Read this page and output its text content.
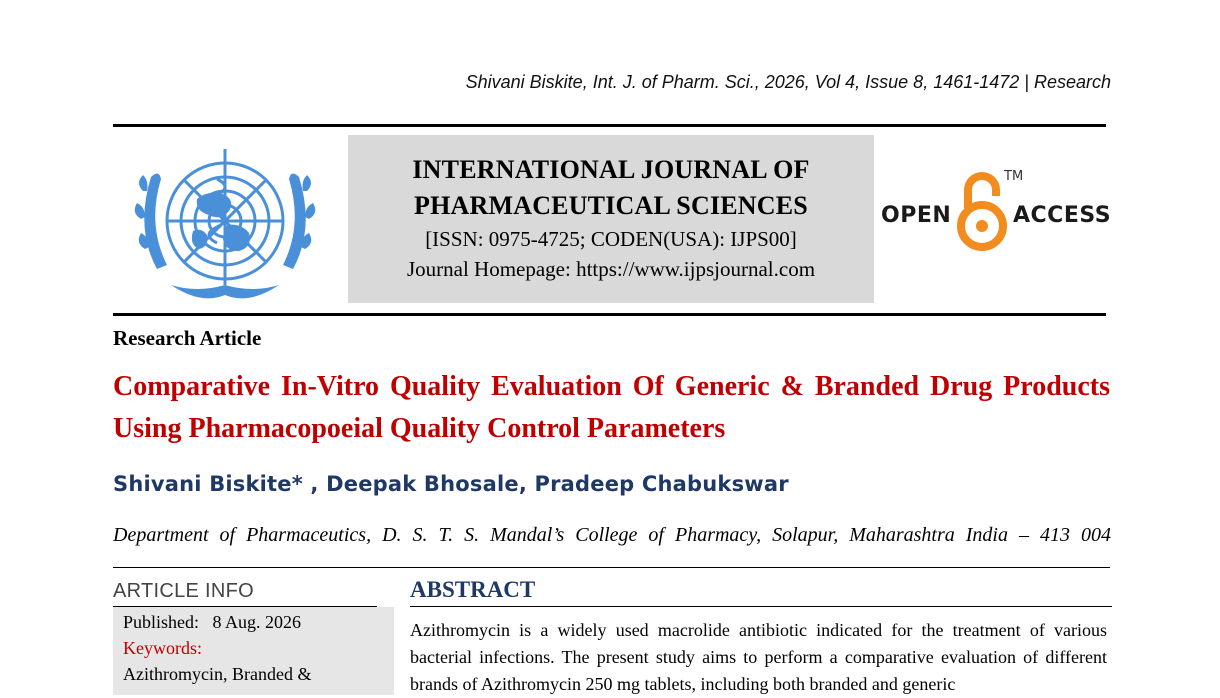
Shivani Biskite, Int. J. of Pharm. Sci., 2026, Vol 4, Issue 8, 1461-1472 | Research
INTERNATIONAL JOURNAL OF
PHARMACEUTICAL SCIENCES
[ISSN: 0975-4725; CODEN(USA): IJPS00]
Journal Homepage: https://www.ijpsjournal.com
OPEN
TM
ACCESS
Research Article
Comparative In-Vitro Quality Evaluation Of Generic & Branded Drug Products Using Pharmacopoeial Quality Control Parameters
Shivani Biskite* , Deepak Bhosale, Pradeep Chabukswar
Department of Pharmaceutics, D. S. T. S. Mandal’s College of Pharmacy, Solapur, Maharashtra India – 413 004
ARTICLE INFO
Published:   8 Aug. 2026
Keywords:
Azithromycin, Branded &
ABSTRACT
Azithromycin is a widely used macrolide antibiotic indicated for the treatment of various bacterial infections. The present study aims to perform a comparative evaluation of different brands of Azithromycin 250 mg tablets, including both branded and generic
